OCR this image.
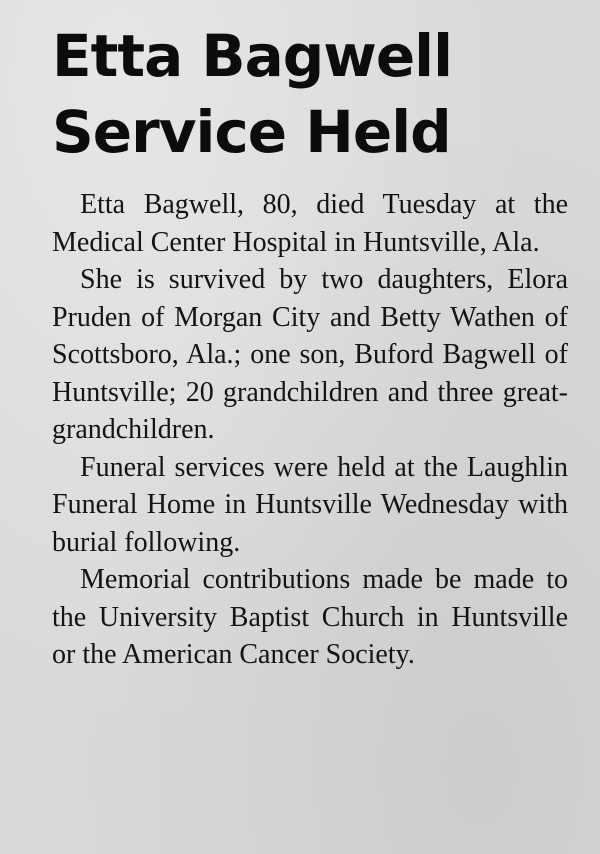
Etta Bagwell
Service Held

Etta Bagwell, 80, died Tuesday at the Medical Center Hospital in Huntsville, Ala.

She is survived by two daughters, Elora Pruden of Morgan City and Betty Wathen of Scottsboro, Ala.; one son, Buford Bagwell of Huntsville; 20 grandchildren and three great-grandchildren.

Funeral services were held at the Laughlin Funeral Home in Huntsville Wednesday with burial following.

Memorial contributions made be made to the University Baptist Church in Huntsville or the American Cancer Society.
